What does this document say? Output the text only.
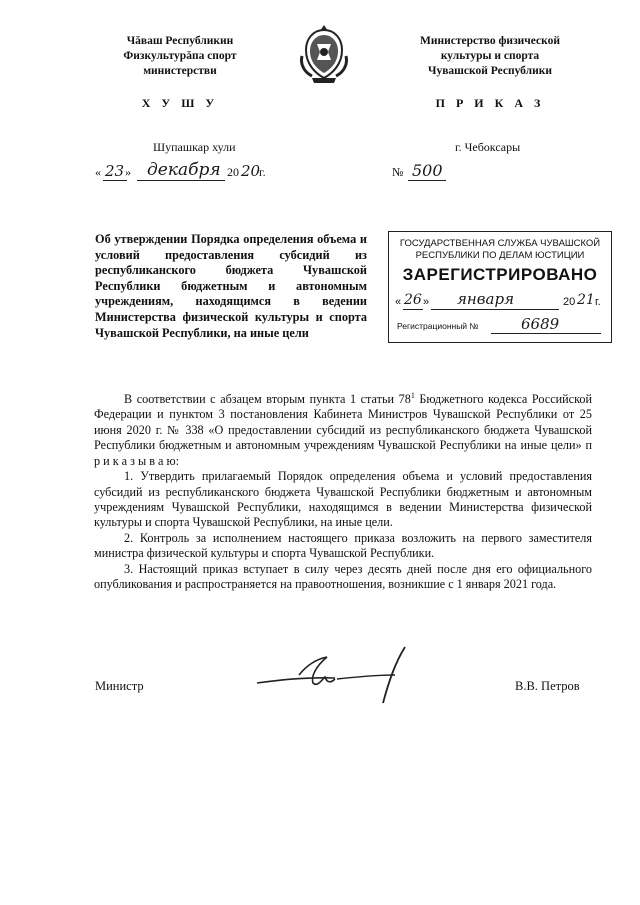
Чăваш Республикин
Физкультурăпа спорт
министерстви
Х У Ш У
Министерство физической
культуры и спорта
Чувашской Республики
П Р И К А З
Шупашкар хули	г. Чебоксары
« 23 » декабря 20 20
г.	№ 500
Об утверждении Порядка определения объема и условий предоставления субсидий из республиканского бюджета Чувашской Республики бюджетным и автономным учреждениям, находящимся в ведении Министерства физической культуры и спорта Чувашской Республики, на иные цели
ГОСУДАРСТВЕННАЯ СЛУЖБА ЧУВАШСКОЙ
РЕСПУБЛИКИ ПО ДЕЛАМ ЮСТИЦИИ
ЗАРЕГИСТРИРОВАНО
« 26 » января	20 21 г.
Регистрационный №	6689

В соответствии с абзацем вторым пункта 1 статьи $78^1$ Бюджетного кодекса Российской Федерации и пунктом 3 постановления Кабинета Министров Чувашской Республики от 25 июня 2020 г. № 338 «О предоставлении субсидий из республиканского бюджета Чувашской Республики бюджетным и автономным учреждениям Чувашской Республики на иные цели» п р и к а з ы в а ю:

1. Утвердить прилагаемый Порядок определения объема и условий предоставления субсидий из республиканского бюджета Чувашской Республики бюджетным и автономным учреждениям Чувашской Республики, находящимся в ведении Министерства физической культуры и спорта Чувашской Республики, на иные цели.

2. Контроль за исполнением настоящего приказа возложить на первого заместителя министра физической культуры и спорта Чувашской Республики.

3. Настоящий приказ вступает в силу через десять дней после дня его официального опубликования и распространяется на правоотношения, возникшие с 1 января 2021 года.

Министр	В.В. Петров
